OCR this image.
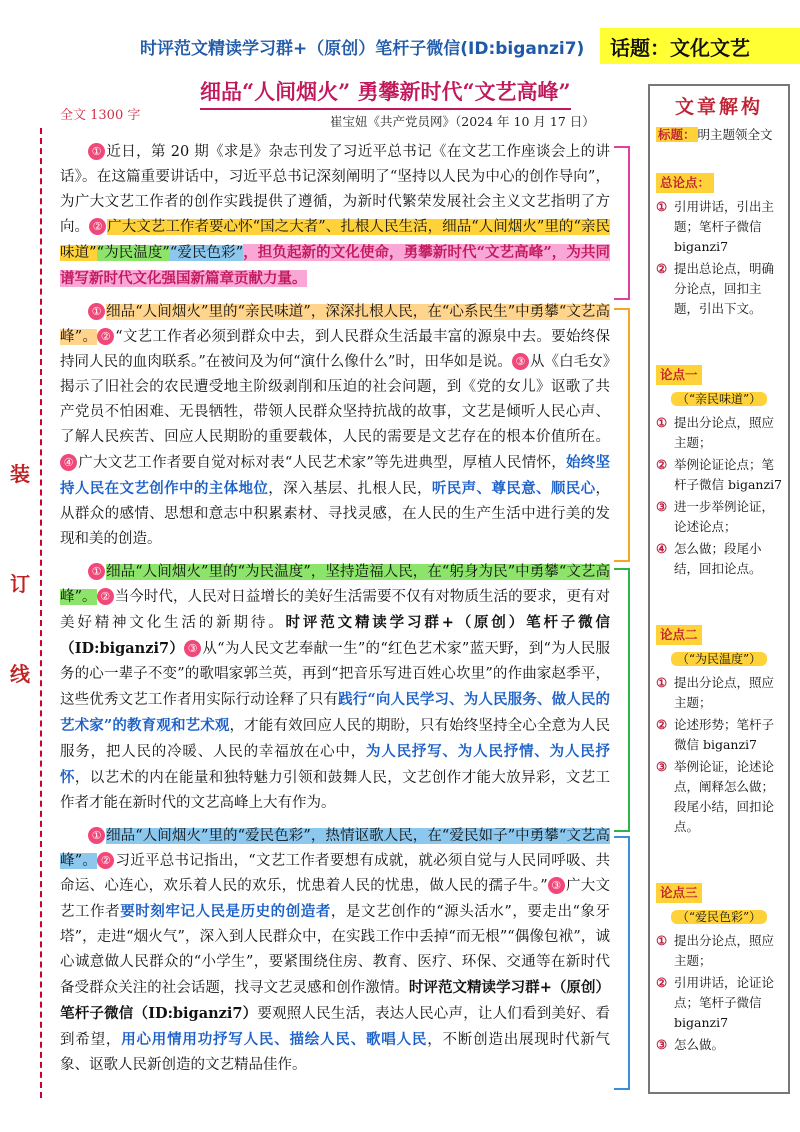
时评范文精读学习群+（原创）笔杆子微信(ID:biganzi7)	话题：文化文艺
细品“人间烟火” 勇攀新时代“文艺高峰”
全文 1300 字	崔宝妞《共产党员网》（2024 年 10 月 17 日）
装
订
线

① 近日，第 20 期《求是》杂志刊发了习近平总书记《在文艺工作座谈会上的讲话》。在这篇重要讲话中，习近平总书记深刻阐明了“坚持以人民为中心的创作导向”，为广大文艺工作者的创作实践提供了遵循，为新时代繁荣发展社会主义文艺指明了方向。 ② 广大文艺工作者要心怀“国之大者”、扎根人民生活，细品“人间烟火”里的“亲民味道”“为民温度”“爱民色彩”，担负起新的文化使命，勇攀新时代“文艺高峰”，为共同谱写新时代文化强国新篇章贡献力量。

① 细品“人间烟火”里的“亲民味道”，深深扎根人民，在“心系民生”中勇攀“文艺高峰”。 ② “文艺工作者必须到群众中去，到人民群众生活最丰富的源泉中去。要始终保持同人民的血肉联系。”在被问及为何“演什么像什么”时，田华如是说。 ③ 从《白毛女》揭示了旧社会的农民遭受地主阶级剥削和压迫的社会问题，到《党的女儿》讴歌了共产党员不怕困难、无畏牺牲，带领人民群众坚持抗战的故事，文艺是倾听人民心声、了解人民疾苦、回应人民期盼的重要载体，人民的需要是文艺存在的根本价值所在。④ 广大文艺工作者要自觉对标对表“人民艺术家”等先进典型，厚植人民情怀，始终坚持人民在文艺创作中的主体地位，深入基层、扎根人民，听民声、尊民意、顺民心，从群众的感情、思想和意志中积累素材、寻找灵感，在人民的生产生活中进行美的发现和美的创造。

① 细品“人间烟火”里的“为民温度”，坚持造福人民，在“躬身为民”中勇攀“文艺高峰”。 ② 当今时代，人民对日益增长的美好生活需要不仅有对物质生活的要求，更有对美好精神文化生活的新期待。时评范文精读学习群+（原创）笔杆子微信（ID:biganzi7） ③ 从“为人民文艺奉献一生”的“红色艺术家”蓝天野，到“为人民服务的心一辈子不变”的歌唱家郭兰英，再到“把音乐写进百姓心坎里”的作曲家赵季平，这些优秀文艺工作者用实际行动诠释了只有践行“向人民学习、为人民服务、做人民的艺术家”的教育观和艺术观，才能有效回应人民的期盼，只有始终坚持全心全意为人民服务，把人民的冷暖、人民的幸福放在心中，为人民抒写、为人民抒情、为人民抒怀，以艺术的内在能量和独特魅力引领和鼓舞人民，文艺创作才能大放异彩，文艺工作者才能在新时代的文艺高峰上大有作为。

① 细品“人间烟火”里的“爱民色彩”，热情讴歌人民，在“爱民如子”中勇攀“文艺高峰”。 ② 习近平总书记指出，“文艺工作者要想有成就，就必须自觉与人民同呼吸、共命运、心连心，欢乐着人民的欢乐，忧患着人民的忧患，做人民的孺子牛。” ③ 广大文艺工作者要时刻牢记人民是历史的创造者，是文艺创作的“源头活水”，要走出“象牙塔”，走进“烟火气”，深入到人民群众中，在实践工作中丢掉“而无根”“偶像包袱”，诚心诚意做人民群众的“小学生”，要紧围绕住房、教育、医疗、环保、交通等在新时代备受群众关注的社会话题，找寻文艺灵感和创作激情。时评范文精读学习群+（原创）笔杆子微信（ID:biganzi7）要观照人民生活，表达人民心声，让人们看到美好、看到希望，用心用情用功抒写人民、描绘人民、歌唱人民，不断创造出展现时代新气象、讴歌人民新创造的文艺精品佳作。

文章解构
标题： 明主题领全文
总论点：
① 引用讲话，引出主题；笔杆子微信 biganzi7
② 提出总论点，明确分论点，回扣主题，引出下文。
论点一
（“亲民味道”）
① 提出分论点，照应主题；
② 举例论证论点；笔杆子微信 biganzi7
③ 进一步举例论证，论述论点；
④ 怎么做；段尾小结，回扣论点。
论点二
（“为民温度”）
① 提出分论点，照应主题；
② 论述形势；笔杆子微信 biganzi7
③ 举例论证，论述论点，阐释怎么做；段尾小结，回扣论点。
论点三
（“爱民色彩”）
① 提出分论点，照应主题；
② 引用讲话，论证论点；笔杆子微信 biganzi7
③ 怎么做。
